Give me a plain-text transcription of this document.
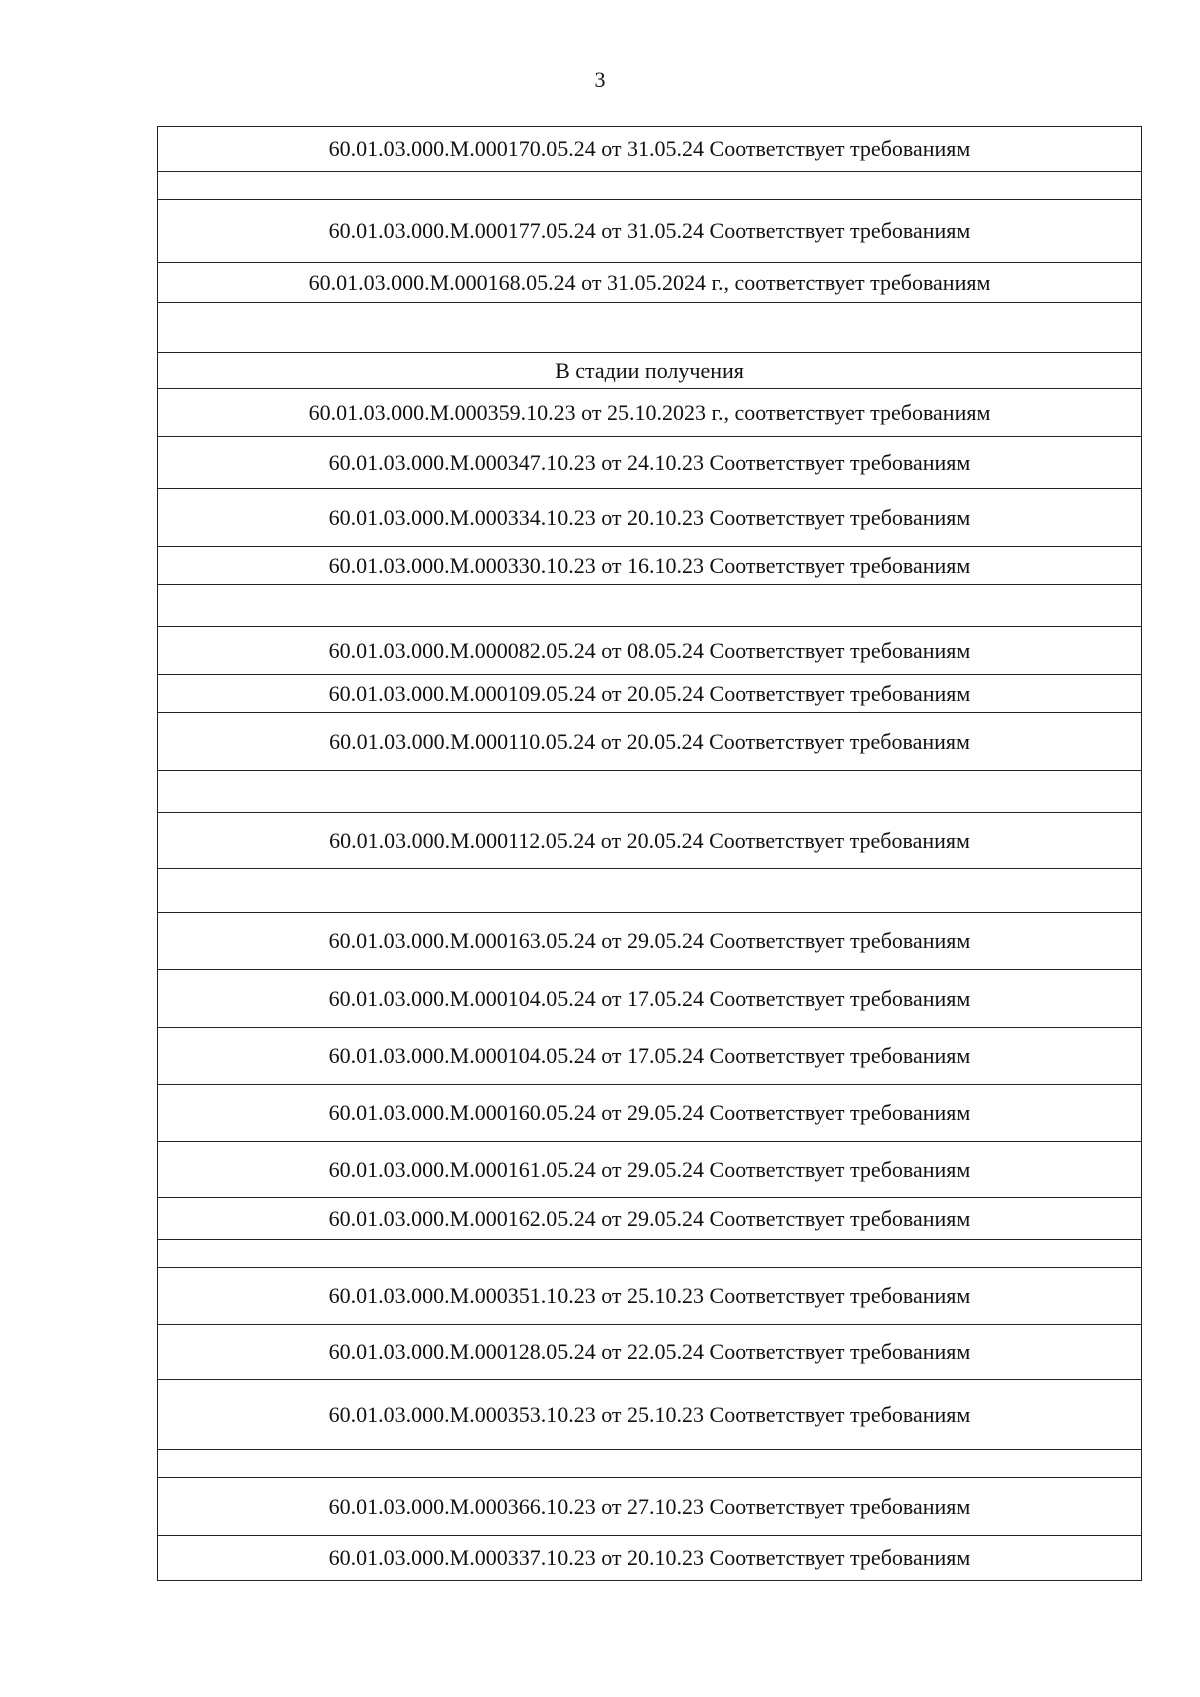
3
60.01.03.000.М.000170.05.24 от 31.05.24 Соответствует требованиям

60.01.03.000.М.000177.05.24 от 31.05.24 Соответствует требованиям
60.01.03.000.М.000168.05.24 от 31.05.2024 г., соответствует требованиям

В стадии получения
60.01.03.000.М.000359.10.23 от 25.10.2023 г., соответствует требованиям
60.01.03.000.М.000347.10.23 от 24.10.23 Соответствует требованиям
60.01.03.000.М.000334.10.23 от 20.10.23 Соответствует требованиям
60.01.03.000.М.000330.10.23 от 16.10.23 Соответствует требованиям

60.01.03.000.М.000082.05.24 от 08.05.24 Соответствует требованиям
60.01.03.000.М.000109.05.24 от 20.05.24 Соответствует требованиям
60.01.03.000.М.000110.05.24 от 20.05.24 Соответствует требованиям

60.01.03.000.М.000112.05.24 от 20.05.24 Соответствует требованиям

60.01.03.000.М.000163.05.24 от 29.05.24 Соответствует требованиям
60.01.03.000.М.000104.05.24 от 17.05.24 Соответствует требованиям
60.01.03.000.М.000104.05.24 от 17.05.24 Соответствует требованиям
60.01.03.000.М.000160.05.24 от 29.05.24 Соответствует требованиям
60.01.03.000.М.000161.05.24 от 29.05.24 Соответствует требованиям
60.01.03.000.М.000162.05.24 от 29.05.24 Соответствует требованиям

60.01.03.000.М.000351.10.23 от 25.10.23 Соответствует требованиям
60.01.03.000.М.000128.05.24 от 22.05.24 Соответствует требованиям
60.01.03.000.М.000353.10.23 от 25.10.23 Соответствует требованиям

60.01.03.000.М.000366.10.23 от 27.10.23 Соответствует требованиям
60.01.03.000.М.000337.10.23 от 20.10.23 Соответствует требованиям
